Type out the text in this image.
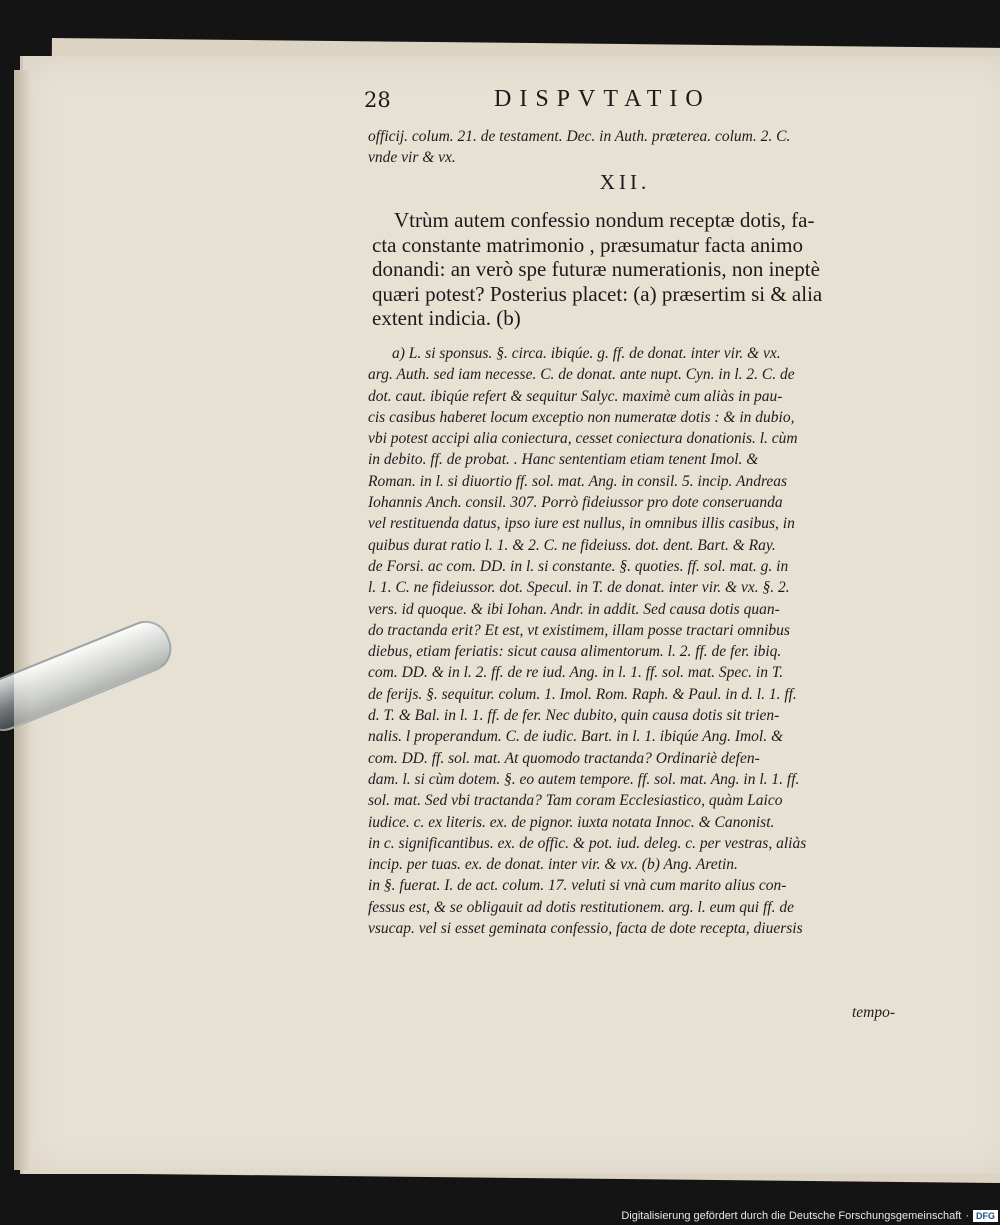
28	DISPVTATIO
officij. colum. 21. de testament. Dec. in Auth. præterea. colum. 2. C.
vnde vir & vx.
XII.
Vtrùm autem confessio nondum receptæ dotis, fa-
cta constante matrimonio , præsumatur facta animo
donandi: an verò spe futuræ numerationis, non ineptè
quæri potest? Posterius placet: (a) præsertim si & alia
extent indicia. (b)
a) L. si sponsus. §. circa. ibiqúe. g. ff. de donat. inter vir. & vx.
arg. Auth. sed iam necesse. C. de donat. ante nupt. Cyn. in l. 2. C. de
dot. caut. ibiqúe refert & sequitur Salyc. maximè cum aliàs in pau-
cis casibus haberet locum exceptio non numeratæ dotis : & in dubio,
vbi potest accipi alia coniectura, cesset coniectura donationis. l. cùm
in debito. ff. de probat. . Hanc sententiam etiam tenent Imol. &
Roman. in l. si diuortio ff. sol. mat. Ang. in consil. 5. incip. Andreas
Iohannis Anch. consil. 307. Porrò fideiussor pro dote conseruanda
vel restituenda datus, ipso iure est nullus, in omnibus illis casibus, in
quibus durat ratio l. 1. & 2. C. ne fideiuss. dot. dent. Bart. & Ray.
de Forsi. ac com. DD. in l. si constante. §. quoties. ff. sol. mat. g. in
l. 1. C. ne fideiussor. dot. Specul. in T. de donat. inter vir. & vx. §. 2.
vers. id quoque. & ibi Iohan. Andr. in addit. Sed causa dotis quan-
do tractanda erit? Et est, vt existimem, illam posse tractari omnibus
diebus, etiam feriatis: sicut causa alimentorum. l. 2. ff. de fer. ibiq.
com. DD. & in l. 2. ff. de re iud. Ang. in l. 1. ff. sol. mat. Spec. in T.
de ferijs. §. sequitur. colum. 1. Imol. Rom. Raph. & Paul. in d. l. 1. ff.
d. T. & Bal. in l. 1. ff. de fer. Nec dubito, quin causa dotis sit trien-
nalis. l properandum. C. de iudic. Bart. in l. 1. ibiqúe Ang. Imol. &
com. DD. ff. sol. mat. At quomodo tractanda? Ordinariè defen-
dam. l. si cùm dotem. §. eo autem tempore. ff. sol. mat. Ang. in l. 1. ff.
sol. mat. Sed vbi tractanda? Tam coram Ecclesiastico, quàm Laico
iudice. c. ex literis. ex. de pignor. iuxta notata Innoc. & Canonist.
in c. significantibus. ex. de offic. & pot. iud. deleg. c. per vestras, aliàs
incip. per tuas. ex. de donat. inter vir. & vx. (b) Ang. Aretin.
in §. fuerat. I. de act. colum. 17. veluti si vnà cum marito alius con-
fessus est, & se obligauit ad dotis restitutionem. arg. l. eum qui ff. de
vsucap. vel si esset geminata confessio, facta de dote recepta, diuersis
tempo-
Digitalisierung gefördert durch die Deutsche Forschungsgemeinschaft · DFG
